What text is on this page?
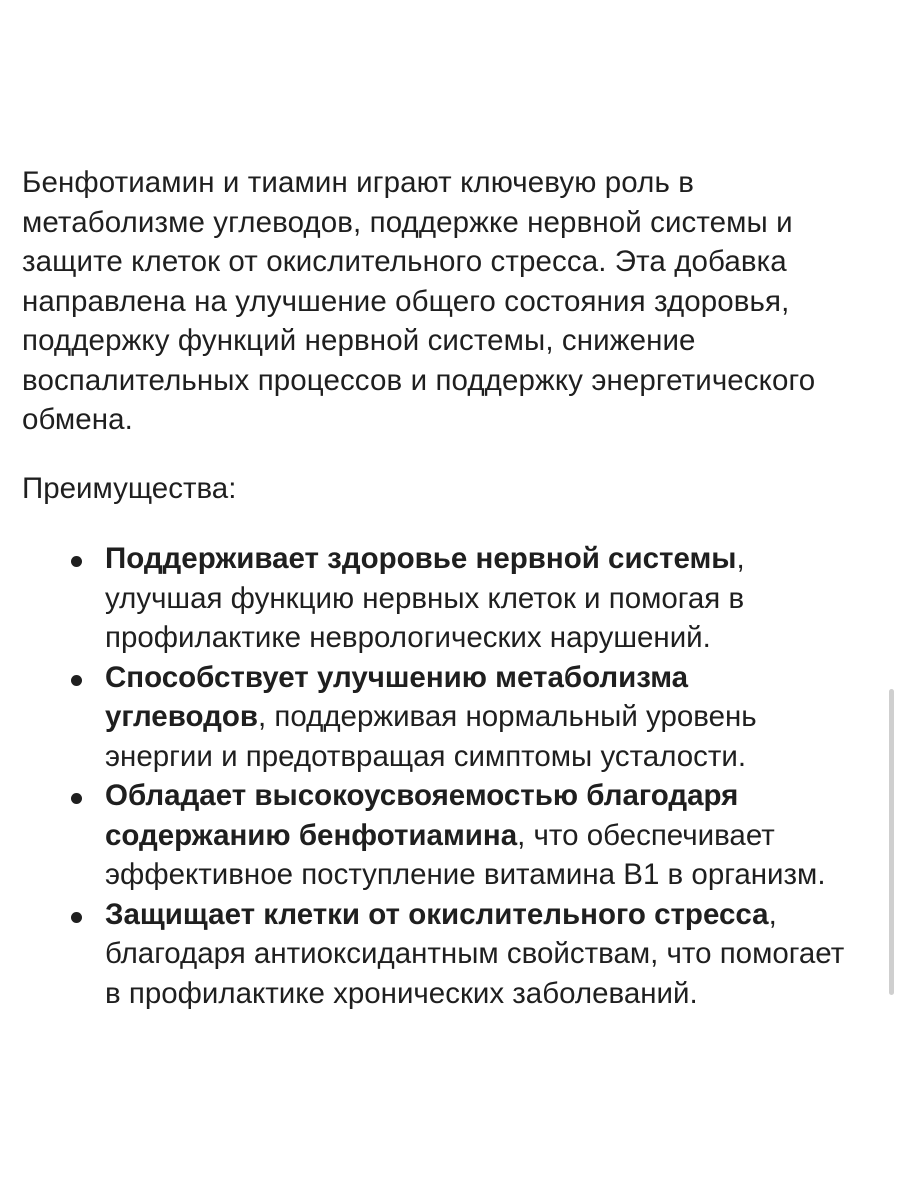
Бенфотиамин и тиамин играют ключевую роль в метаболизме углеводов, поддержке нервной системы и защите клеток от окислительного стресса. Эта добавка направлена на улучшение общего состояния здоровья, поддержку функций нервной системы, снижение воспалительных процессов и поддержку энергетического обмена.

Преимущества:

Поддерживает здоровье нервной системы, улучшая функцию нервных клеток и помогая в профилактике неврологических нарушений.
Способствует улучшению метаболизма углеводов, поддерживая нормальный уровень энергии и предотвращая симптомы усталости.
Обладает высокоусвояемостью благодаря содержанию бенфотиамина, что обеспечивает эффективное поступление витамина В1 в организм.
Защищает клетки от окислительного стресса, благодаря антиоксидантным свойствам, что помогает в профилактике хронических заболеваний.
